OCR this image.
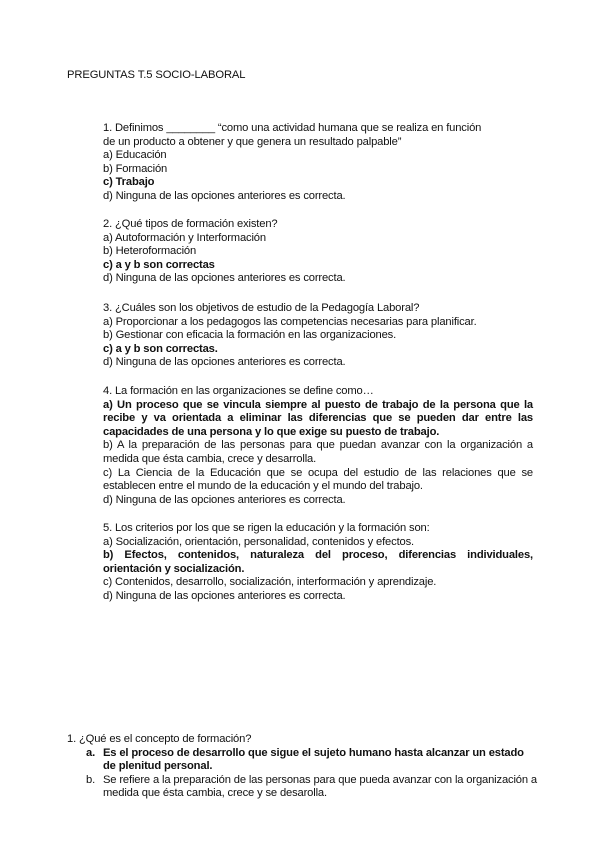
PREGUNTAS T.5 SOCIO-LABORAL

1. Definimos ________ “como una actividad humana que se realiza en función

de un producto a obtener y que genera un resultado palpable”

a) Educación

b) Formación

c) Trabajo

d) Ninguna de las opciones anteriores es correcta.

2. ¿Qué tipos de formación existen?

a) Autoformación y Interformación

b) Heteroformación

c) a y b son correctas

d) Ninguna de las opciones anteriores es correcta.

3. ¿Cuáles son los objetivos de estudio de la Pedagogía Laboral?

a) Proporcionar a los pedagogos las competencias necesarias para planificar.

b) Gestionar con eficacia la formación en las organizaciones.

c) a y b son correctas.

d) Ninguna de las opciones anteriores es correcta.

4. La formación en las organizaciones se define como…

a) Un proceso que se vincula siempre al puesto de trabajo de la persona que la recibe y va orientada a eliminar las diferencias que se pueden dar entre las capacidades de una persona y lo que exige su puesto de trabajo.

b) A la preparación de las personas para que puedan avanzar con la organización a medida que ésta cambia, crece y desarrolla.

c) La Ciencia de la Educación que se ocupa del estudio de las relaciones que se establecen entre el mundo de la educación y el mundo del trabajo.

d) Ninguna de las opciones anteriores es correcta.

5. Los criterios por los que se rigen la educación y la formación son:

a) Socialización, orientación, personalidad, contenidos y efectos.

b) Efectos, contenidos, naturaleza del proceso, diferencias individuales, orientación y socialización.

c) Contenidos, desarrollo, socialización, interformación y aprendizaje.

d) Ninguna de las opciones anteriores es correcta.

1. ¿Qué es el concepto de formación?
a. Es el proceso de desarrollo que sigue el sujeto humano hasta alcanzar un estado de plenitud personal.
b. Se refiere a la preparación de las personas para que pueda avanzar con la organización a medida que ésta cambia, crece y se desarolla.
